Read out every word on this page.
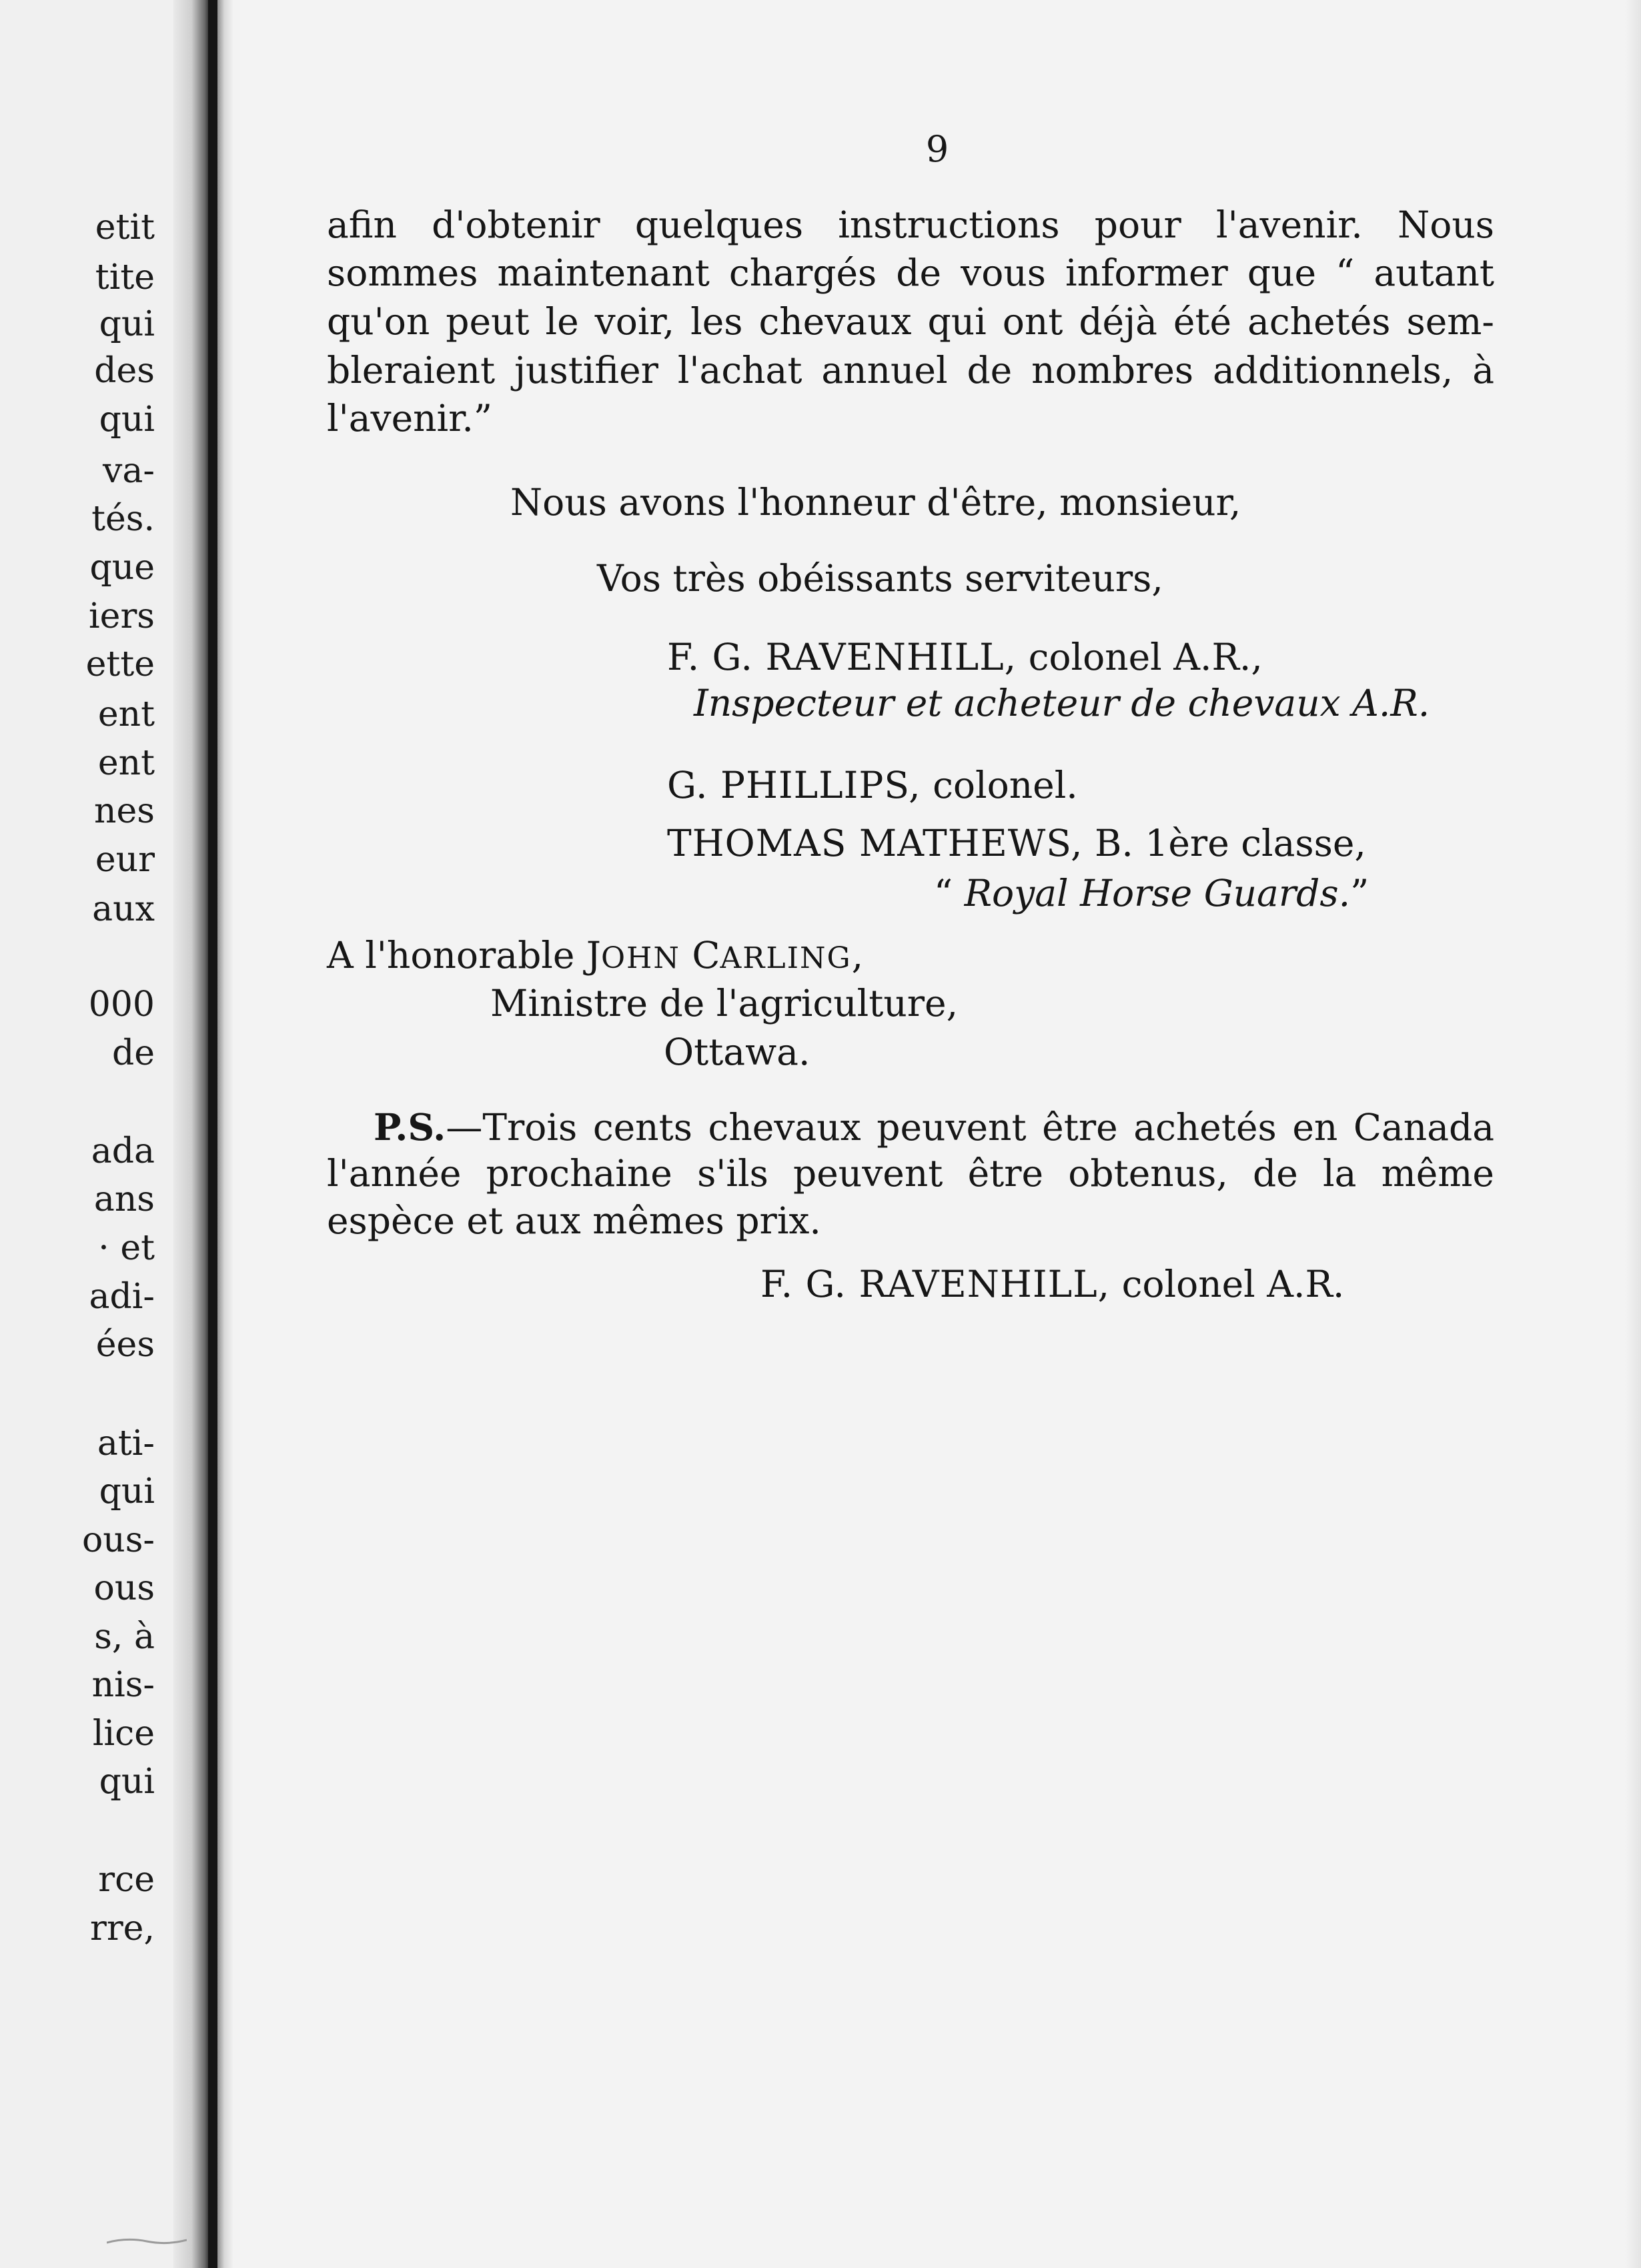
etit
tite
qui
des
qui
va-
tés.
que
iers
ette
ent
ent
nes
eur
aux
000
de
ada
ans
· et
adi-
ées
ati-
qui
ous-
ous
s, à
nis-
lice
qui
rce
rre,
9
afin d'obtenir quelques instructions pour l'avenir. Nous
sommes maintenant chargés de vous informer que “ autant
qu'on peut le voir, les chevaux qui ont déjà été achetés sem-
bleraient justifier l'achat annuel de nombres additionnels, à
l'avenir.”
Nous avons l'honneur d'être, monsieur,
Vos très obéissants serviteurs,
F. G. RAVENHILL, colonel A.R.,
Inspecteur et acheteur de chevaux A.R.
G. PHILLIPS, colonel.
THOMAS MATHEWS, B. 1ère classe,
“ Royal Horse Guards.”
A l'honorable JOHN CARLING,
Ministre de l'agriculture,
Ottawa.
P.S.—Trois cents chevaux peuvent être achetés en Canada
l'année prochaine s'ils peuvent être obtenus, de la même
espèce et aux mêmes prix.
F. G. RAVENHILL, colonel A.R.
